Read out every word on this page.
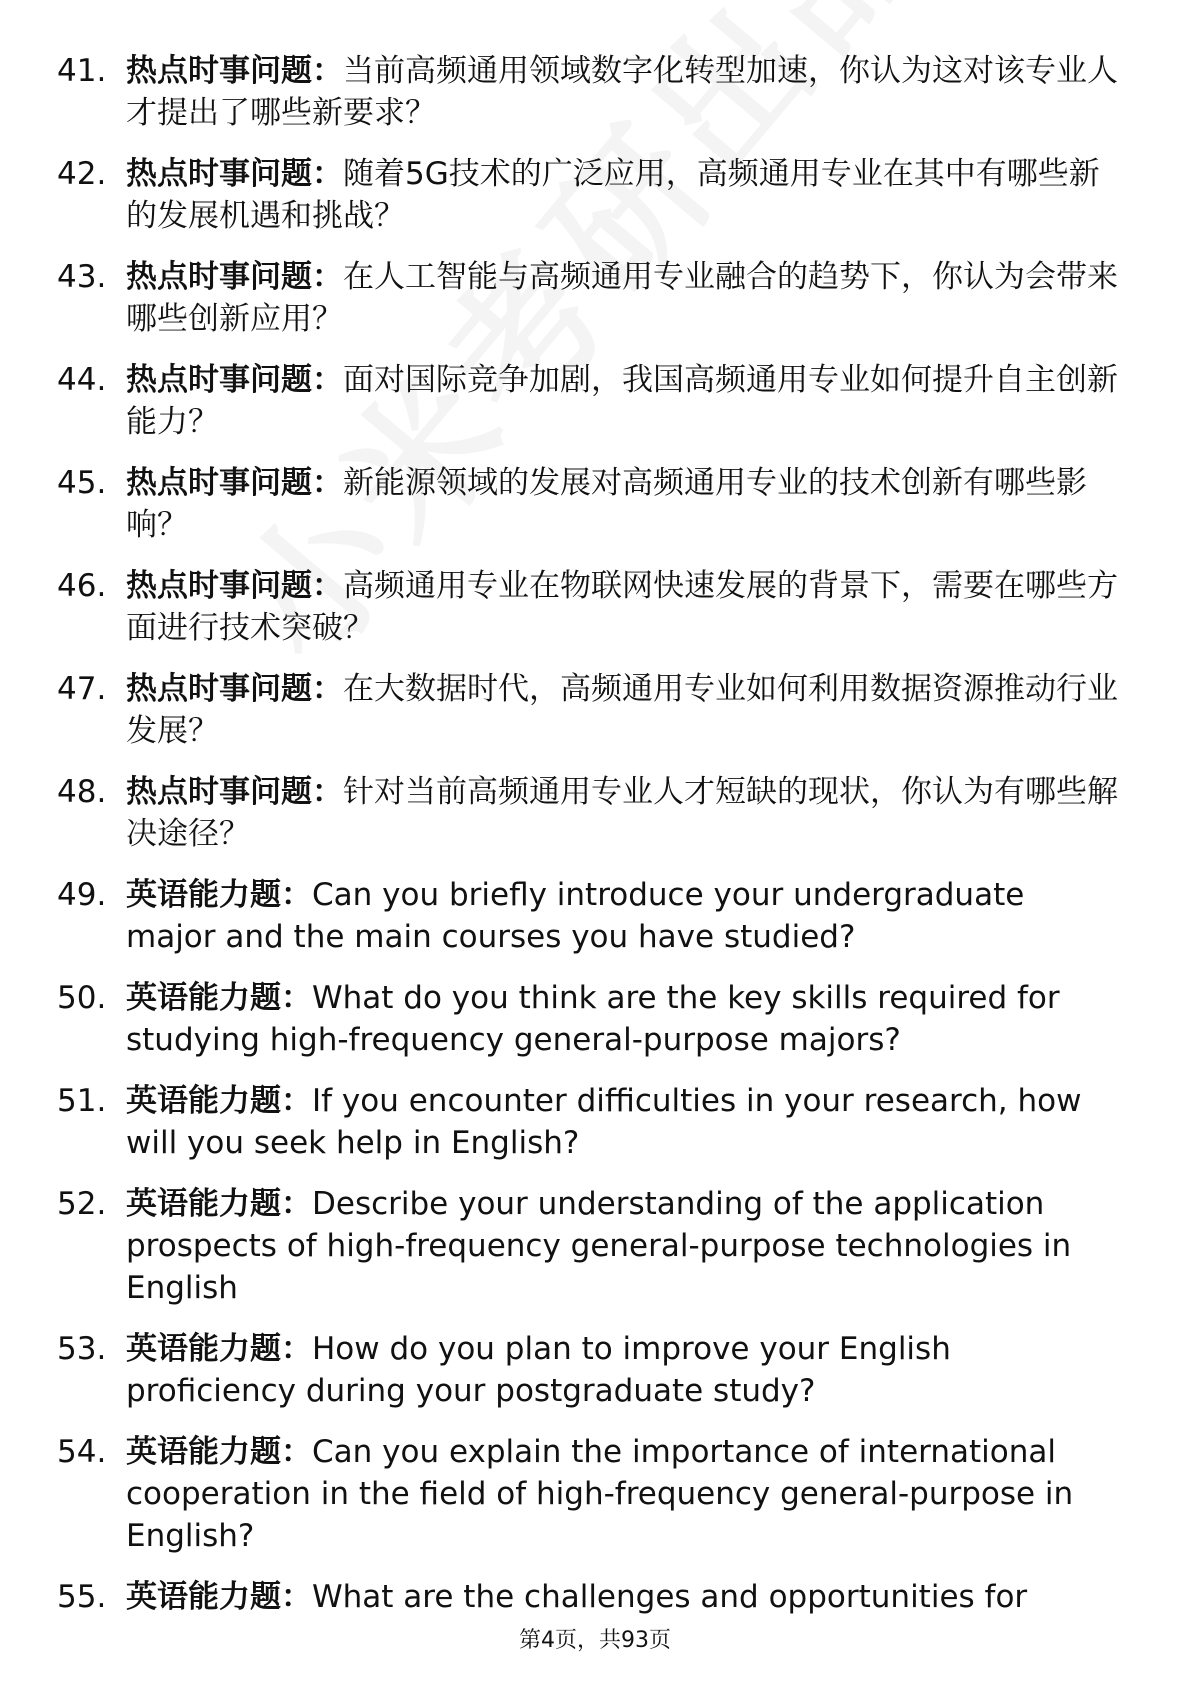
41. 热点时事问题：当前高频通用领域数字化转型加速，你认为这对该专业人才提出了哪些新要求？
42. 热点时事问题：随着5G技术的广泛应用，高频通用专业在其中有哪些新的发展机遇和挑战？
43. 热点时事问题：在人工智能与高频通用专业融合的趋势下，你认为会带来哪些创新应用？
44. 热点时事问题：面对国际竞争加剧，我国高频通用专业如何提升自主创新能力？
45. 热点时事问题：新能源领域的发展对高频通用专业的技术创新有哪些影响？
46. 热点时事问题：高频通用专业在物联网快速发展的背景下，需要在哪些方面进行技术突破？
47. 热点时事问题：在大数据时代，高频通用专业如何利用数据资源推动行业发展？
48. 热点时事问题：针对当前高频通用专业人才短缺的现状，你认为有哪些解决途径？
49. 英语能力题：Can you briefly introduce your undergraduate major and the main courses you have studied?
50. 英语能力题：What do you think are the key skills required for studying high-frequency general-purpose majors?
51. 英语能力题：If you encounter difficulties in your research, how will you seek help in English?
52. 英语能力题：Describe your understanding of the application prospects of high-frequency general-purpose technologies in English
53. 英语能力题：How do you plan to improve your English proficiency during your postgraduate study?
54. 英语能力题：Can you explain the importance of international cooperation in the field of high-frequency general-purpose in English?
55. 英语能力题：What are the challenges and opportunities for
第4页，共93页
